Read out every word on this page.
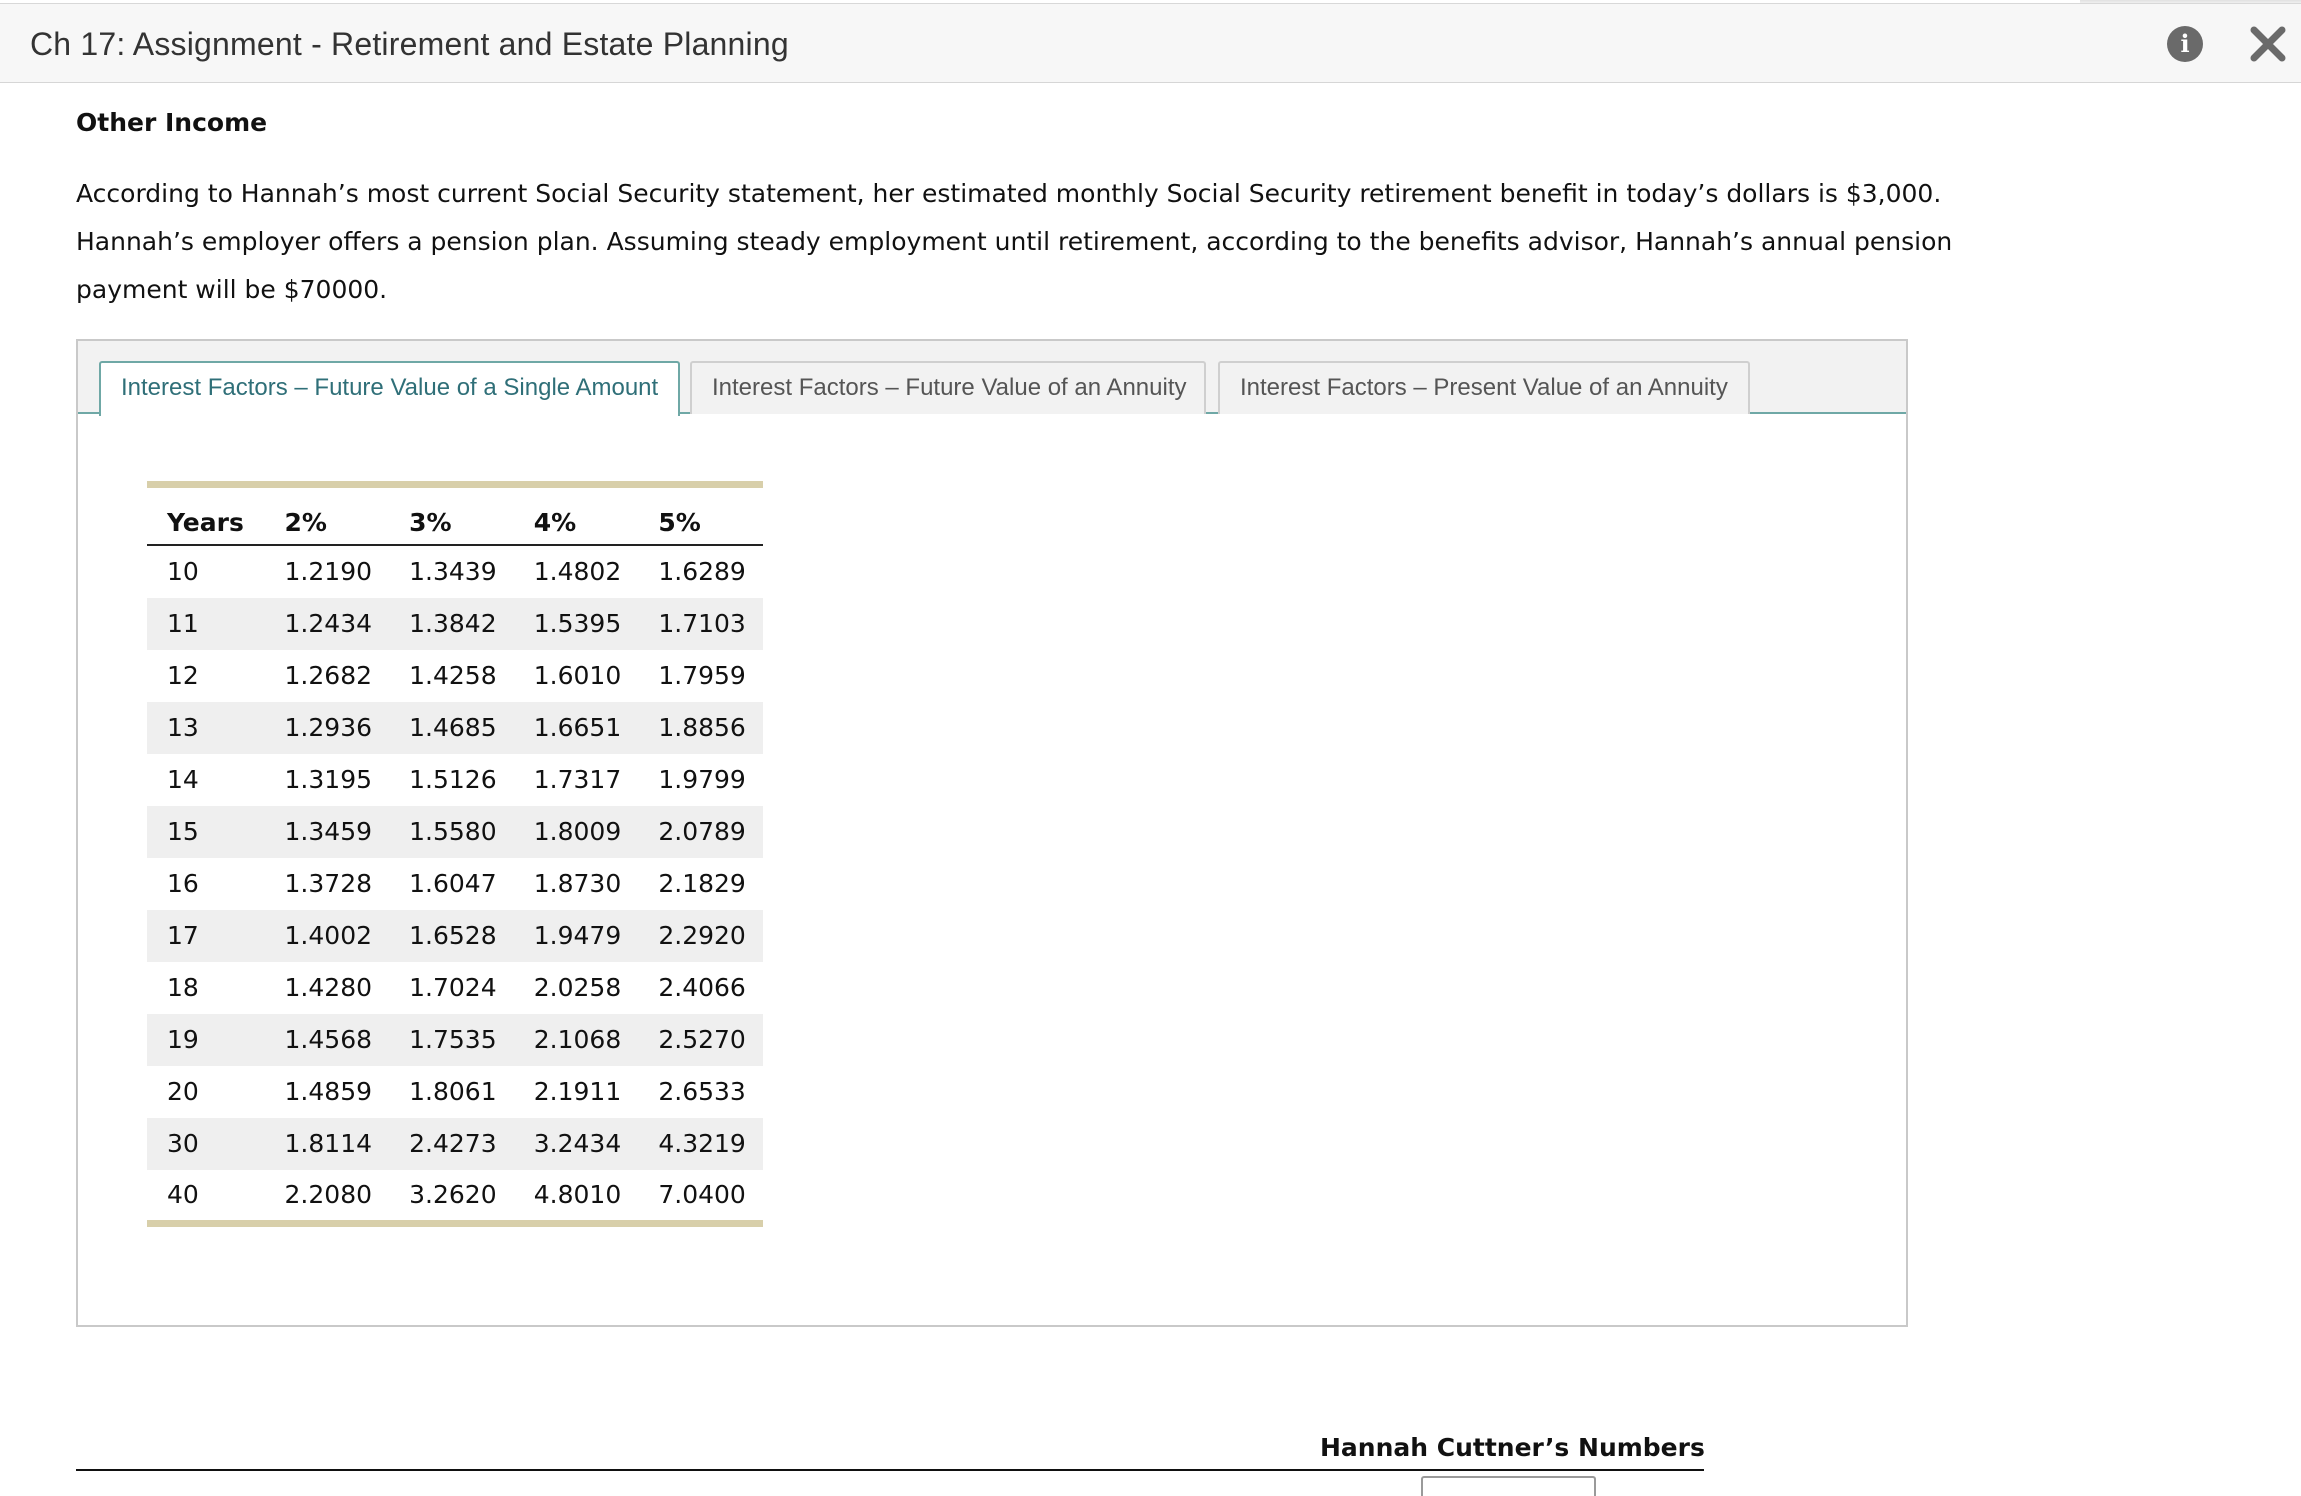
Ch 17: Assignment - Retirement and Estate Planning	i
Other Income
According to Hannah’s most current Social Security statement, her estimated monthly Social Security retirement benefit in today’s dollars is $3,000. Hannah’s employer offers a pension plan. Assuming steady employment until retirement, according to the benefits advisor, Hannah’s annual pension payment will be $70000.
Interest Factors – Future Value of a Single Amount	Interest Factors – Future Value of an Annuity	Interest Factors – Present Value of an Annuity
Years	2%	3%	4%	5%
10	1.2190	1.3439	1.4802	1.6289
11	1.2434	1.3842	1.5395	1.7103
12	1.2682	1.4258	1.6010	1.7959
13	1.2936	1.4685	1.6651	1.8856
14	1.3195	1.5126	1.7317	1.9799
15	1.3459	1.5580	1.8009	2.0789
16	1.3728	1.6047	1.8730	2.1829
17	1.4002	1.6528	1.9479	2.2920
18	1.4280	1.7024	2.0258	2.4066
19	1.4568	1.7535	2.1068	2.5270
20	1.4859	1.8061	2.1911	2.6533
30	1.8114	2.4273	3.2434	4.3219
40	2.2080	3.2620	4.8010	7.0400
Hannah Cuttner’s Numbers
